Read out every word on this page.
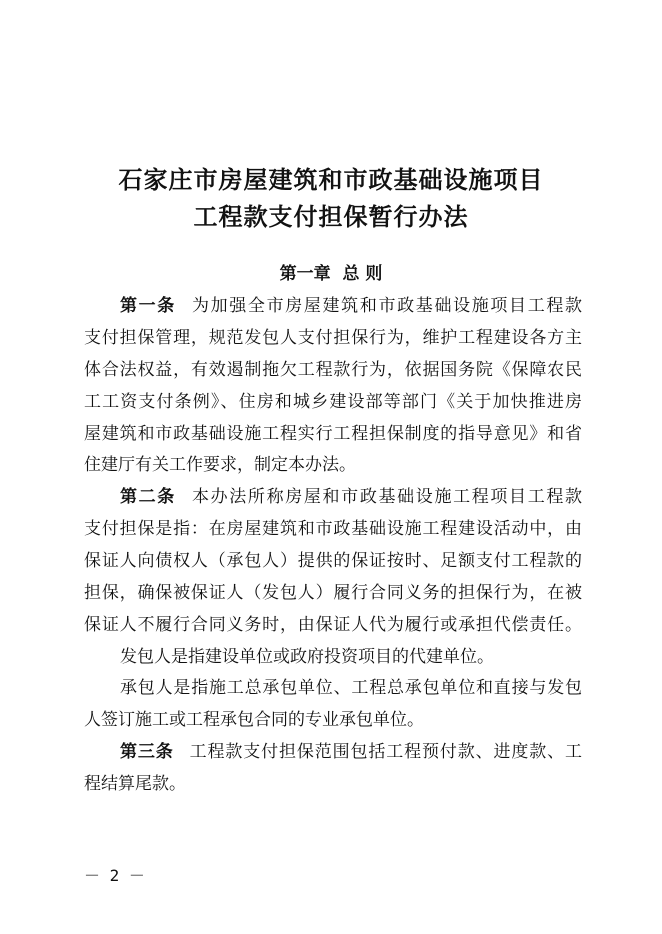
石家庄市房屋建筑和市政基础设施项目
工程款支付担保暂行办法
第一章  总 则
第一条 为加强全市房屋建筑和市政基础设施项目工程款
支付担保管理，规范发包人支付担保行为，维护工程建设各方主
体合法权益，有效遏制拖欠工程款行为，依据国务院《保障农民
工工资支付条例》、住房和城乡建设部等部门《关于加快推进房
屋建筑和市政基础设施工程实行工程担保制度的指导意见》和省
住建厅有关工作要求，制定本办法。
第二条 本办法所称房屋和市政基础设施工程项目工程款
支付担保是指：在房屋建筑和市政基础设施工程建设活动中，由
保证人向债权人（承包人）提供的保证按时、足额支付工程款的
担保，确保被保证人（发包人）履行合同义务的担保行为，在被
保证人不履行合同义务时，由保证人代为履行或承担代偿责任。
发包人是指建设单位或政府投资项目的代建单位。
承包人是指施工总承包单位、工程总承包单位和直接与发包
人签订施工或工程承包合同的专业承包单位。
第三条 工程款支付担保范围包括工程预付款、进度款、工
程结算尾款。
－ 2 －
